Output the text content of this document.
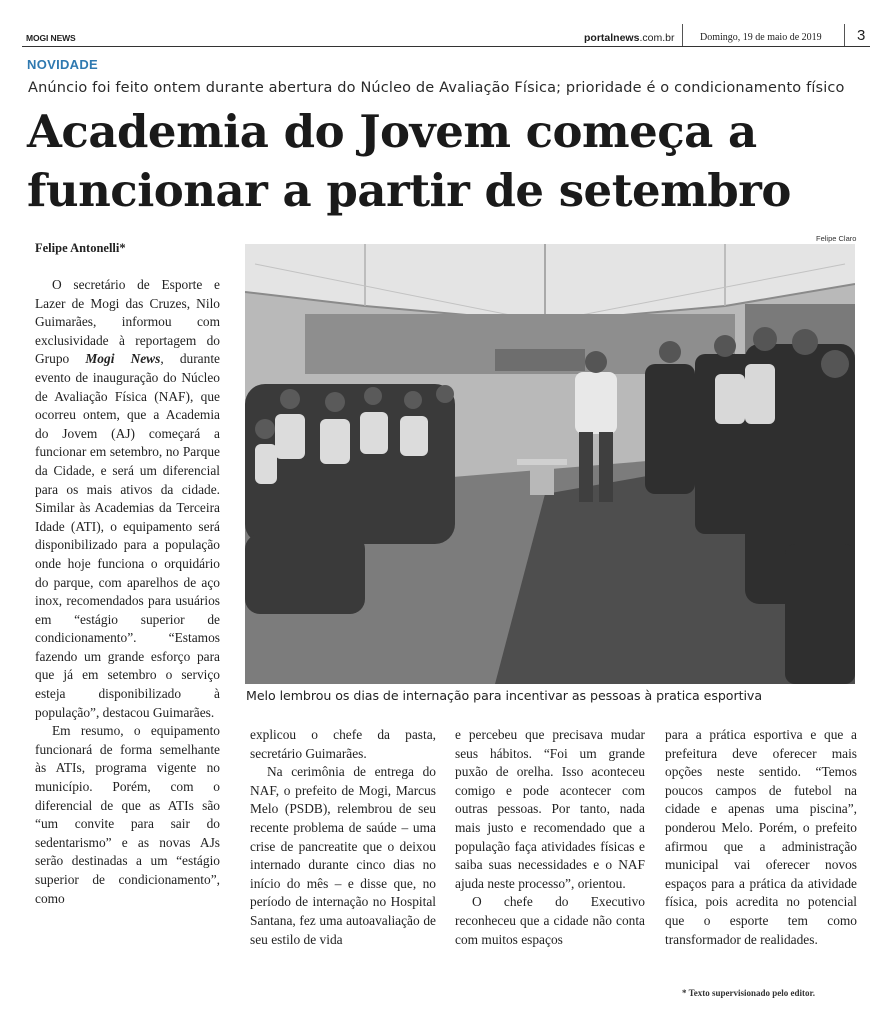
MOGI NEWS	portalnews.com.br	Domingo, 19 de maio de 2019 3
NOVIDADE
Anúncio foi feito ontem durante abertura do Núcleo de Avaliação Física; prioridade é o condicionamento físico
Academia do Jovem começa a
funcionar a partir de setembro
Felipe Antonelli*
Felipe Claro
Melo lembrou os dias de internação para incentivar as pessoas à pratica esportiva

O secretário de Esporte e Lazer de Mogi das Cruzes, Nilo Guimarães, informou com exclusividade à reportagem do Grupo Mogi News, durante evento de inauguração do Núcleo de Avaliação Física (NAF), que ocorreu ontem, que a Academia do Jovem (AJ) começará a funcionar em setembro, no Parque da Cidade, e será um diferencial para os mais ativos da cidade. Similar às Academias da Terceira Idade (ATI), o equipamento será disponibilizado para a população onde hoje funciona o orquidário do parque, com aparelhos de aço inox, recomendados para usuários em “estágio superior de condicionamento”. “Estamos fazendo um grande esforço para que já em setembro o serviço esteja disponibilizado à população”, destacou Guimarães.

Em resumo, o equipamento funcionará de forma semelhante às ATIs, programa vigente no município. Porém, com o diferencial de que as ATIs são “um convite para sair do sedentarismo” e as novas AJs serão destinadas a um “estágio superior de condicionamento”, como

explicou o chefe da pasta, secretário Guimarães.

Na cerimônia de entrega do NAF, o prefeito de Mogi, Marcus Melo (PSDB), relembrou de seu recente problema de saúde – uma crise de pancreatite que o deixou internado durante cinco dias no início do mês – e disse que, no período de internação no Hospital Santana, fez uma autoavaliação de seu estilo de vida

e percebeu que precisava mudar seus hábitos. “Foi um grande puxão de orelha. Isso aconteceu comigo e pode acontecer com outras pessoas. Por tanto, nada mais justo e recomendado que a população faça atividades físicas e saiba suas necessidades e o NAF ajuda neste processo”, orientou.

O chefe do Executivo reconheceu que a cidade não conta com muitos espaços

para a prática esportiva e que a prefeitura deve oferecer mais opções neste sentido. “Temos poucos campos de futebol na cidade e apenas uma piscina”, ponderou Melo. Porém, o prefeito afirmou que a administração municipal vai oferecer novos espaços para a prática da atividade física, pois acredita no potencial que o esporte tem como transformador de realidades.

* Texto supervisionado pelo editor.
